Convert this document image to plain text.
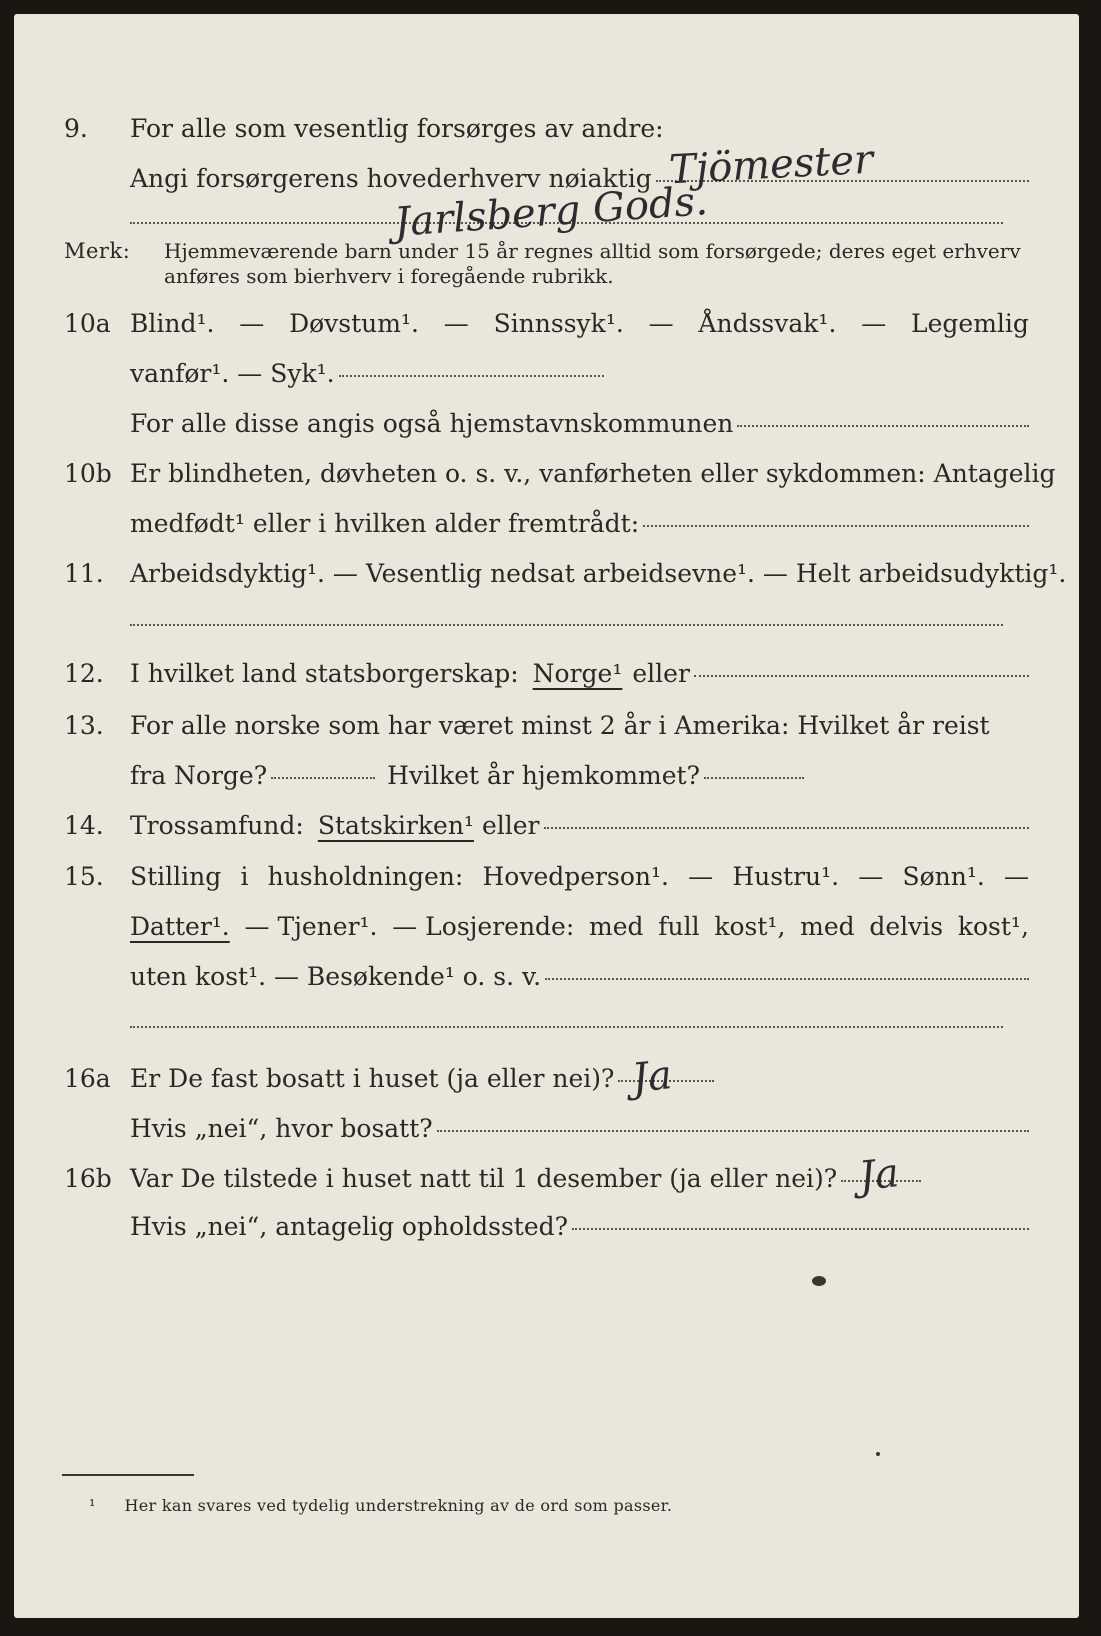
9.	For alle som vesentlig forsørges av andre:
Angi forsørgerens hovederhverv nøiaktig Tjömester
Jarlsberg Gods.
Merk:	Hjemmeværende barn under 15 år regnes alltid som forsørgede; deres eget erhverv
anføres som bierhverv i foregående rubrikk.
10a Blind¹. — Døvstum¹. — Sinnssyk¹. — Åndssvak¹. — Legemlig
vanfør¹. — Syk¹.
For alle disse angis også hjemstavnskommunen
10b Er blindheten, døvheten o. s. v., vanførheten eller sykdommen: Antagelig
medfødt¹ eller i hvilken alder fremtrådt:
11.	Arbeidsdyktig¹. — Vesentlig nedsat arbeidsevne¹. — Helt arbeidsudyktig¹.
12.	I hvilket land statsborgerskap: Norge¹ eller
13.	For alle norske som har været minst 2 år i Amerika: Hvilket år reist
fra Norge?	Hvilket år hjemkommet?
14.	Trossamfund: Statskirken¹ eller
15.	Stilling i husholdningen: Hovedperson¹. — Hustru¹. — Sønn¹. —
Datter¹. — Tjener¹. — Losjerende: med full kost¹, med delvis kost¹,
uten kost¹. — Besøkende¹ o. s. v.
16a Er De fast bosatt i huset (ja eller nei)? Ja
Hvis „nei“, hvor bosatt?
16b Var De tilstede i huset natt til 1 desember (ja eller nei)? Ja
Hvis „nei“, antagelig opholdssted?
¹ Her kan svares ved tydelig understrekning av de ord som passer.
